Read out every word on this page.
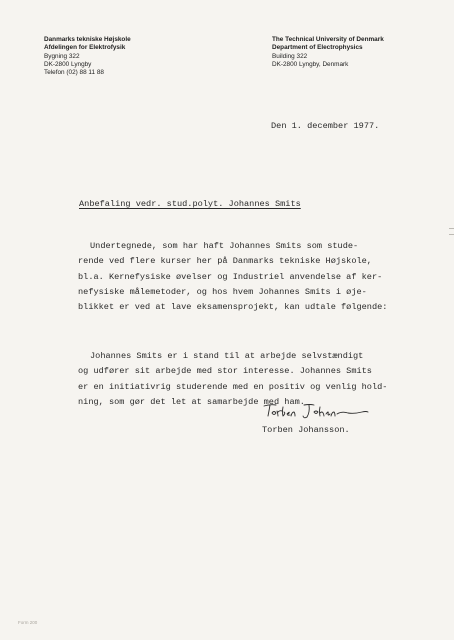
Danmarks tekniske Højskole
Afdelingen for Elektrofysik
Bygning 322
DK-2800 Lyngby
Telefon (02) 88 11 88
The Technical University of Denmark
Department of Electrophysics
Building 322
DK-2800 Lyngby, Denmark
Den 1. december 1977.
Anbefaling vedr. stud.polyt. Johannes Smits
Undertegnede, som har haft Johannes Smits som stude-
rende ved flere kurser her på Danmarks tekniske Højskole,
bl.a. Kernefysiske øvelser og Industriel anvendelse af ker-
nefysiske målemetoder, og hos hvem Johannes Smits i øje-
blikket er ved at lave eksamensprojekt, kan udtale følgende:
Johannes Smits er i stand til at arbejde selvstændigt
og udfører sit arbejde med stor interesse. Johannes Smits
er en initiativrig studerende med en positiv og venlig hold-
ning, som gør det let at samarbejde med ham.
Torben Johansson.
Form 200
